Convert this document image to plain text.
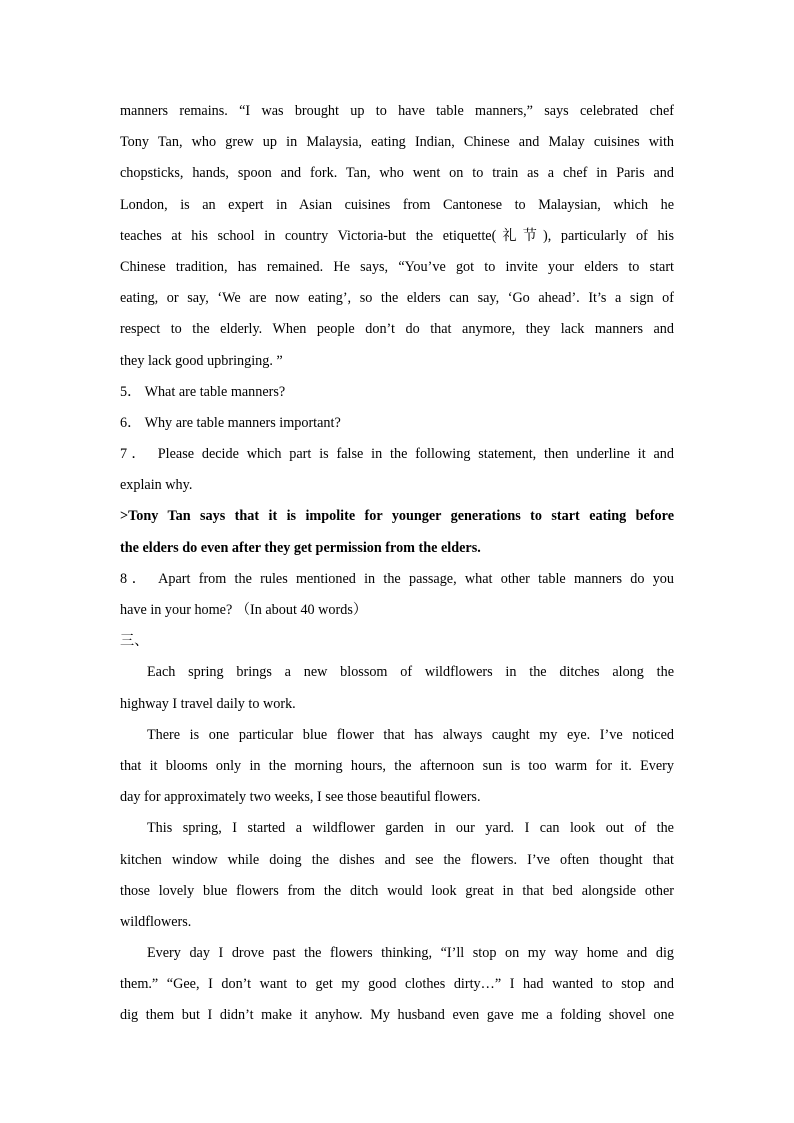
manners remains. “I was brought up to have table manners,” says celebrated chef
Tony Tan, who grew up in Malaysia, eating Indian, Chinese and Malay cuisines with
chopsticks, hands, spoon and fork. Tan, who went on to train as a chef in Paris and
London, is an expert in Asian cuisines from Cantonese to Malaysian, which he
teaches at his school in country Victoria-but the etiquette(礼节), particularly of his
Chinese tradition, has remained. He says, “You’ve got to invite your elders to start
eating, or say, ‘We are now eating’, so the elders can say, ‘Go ahead’. It’s a sign of
respect to the elderly. When people don’t do that anymore, they lack manners and
they lack good upbringing. ”
5． What are table manners?
6． Why are table manners important?
7． Please decide which part is false in the following statement, then underline it and
explain why.
>Tony Tan says that it is impolite for younger generations to start eating before
the elders do even after they get permission from the elders.
8． Apart from the rules mentioned in the passage, what other table manners do you
have in your home? （In about 40 words）
三、
Each spring brings a new blossom of wildflowers in the ditches along the
highway I travel daily to work.
There is one particular blue flower that has always caught my eye. I’ve noticed
that it blooms only in the morning hours, the afternoon sun is too warm for it. Every
day for approximately two weeks, I see those beautiful flowers.
This spring, I started a wildflower garden in our yard. I can look out of the
kitchen window while doing the dishes and see the flowers. I’ve often thought that
those lovely blue flowers from the ditch would look great in that bed alongside other
wildflowers.
Every day I drove past the flowers thinking, “I’ll stop on my way home and dig
them.” “Gee, I don’t want to get my good clothes dirty…” I had wanted to stop and
dig them but I didn’t make it anyhow. My husband even gave me a folding shovel one
